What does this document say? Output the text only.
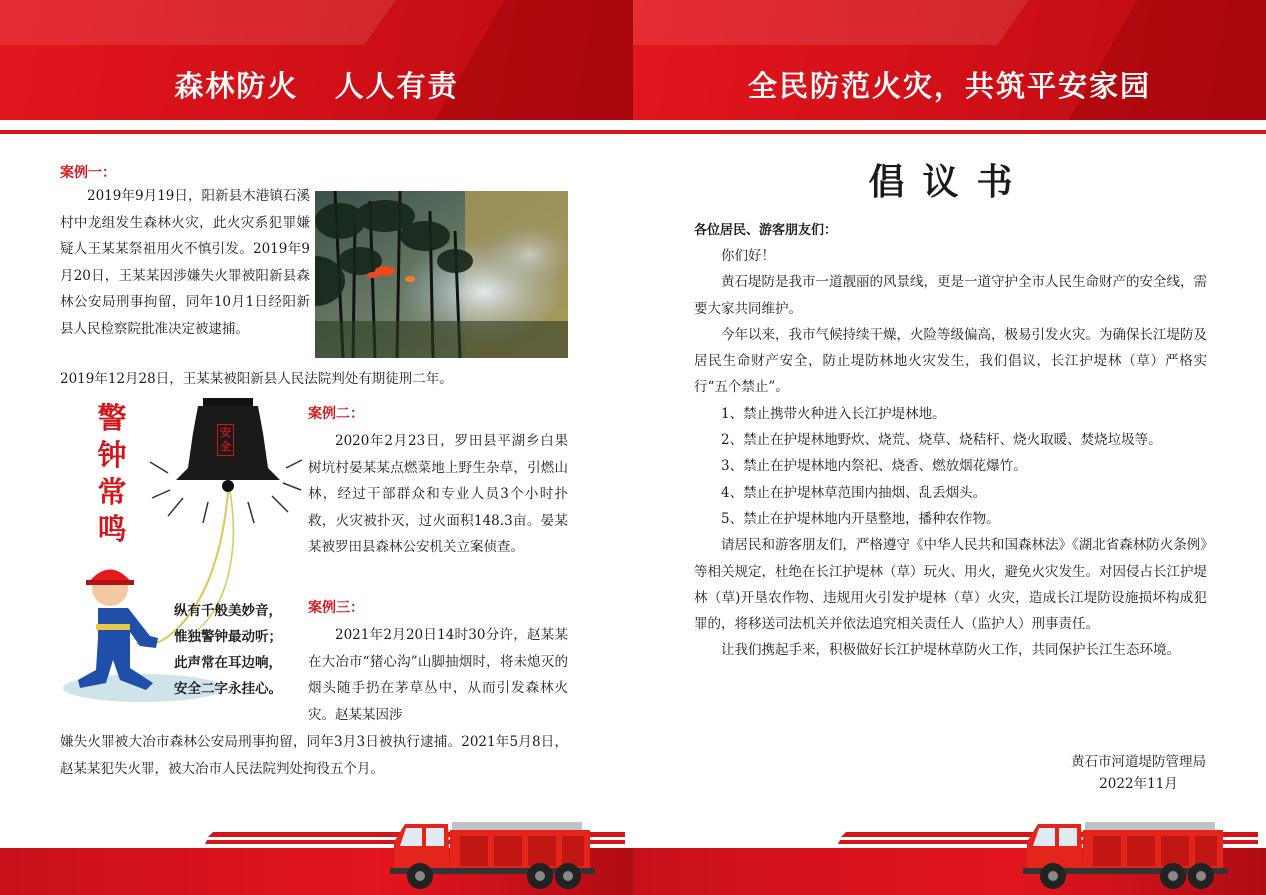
森林防火   人人有责
案例一：
2019年9月19日，阳新县木港镇石溪村中龙组发生森林火灾，此火灾系犯罪嫌疑人王某某祭祖用火不慎引发。2019年9月20日，王某某因涉嫌失火罪被阳新县森林公安局刑事拘留，同年10月1日经阳新县人民检察院批准决定被逮捕。
2019年12月28日，王某某被阳新县人民法院判处有期徒刑二年。
警
钟
常
鸣
安
全
纵有千般美妙音，
惟独警钟最动听；
此声常在耳边响，
安全二字永挂心。
案例二：
2020年2月23日，罗田县平湖乡白果树坑村晏某某点燃菜地上野生杂草，引燃山林，经过干部群众和专业人员3个小时扑救，火灾被扑灭，过火面积148.3亩。晏某某被罗田县森林公安机关立案侦查。
案例三：
2021年2月20日14时30分许，赵某某在大冶市“猪心沟”山脚抽烟时，将未熄灭的烟头随手扔在茅草丛中，从而引发森林火灾。赵某某因涉
嫌失火罪被大冶市森林公安局刑事拘留，同年3月3日被执行逮捕。2021年5月8日，赵某某犯失火罪，被大冶市人民法院判处拘役五个月。
全民防范火灾，共筑平安家园
倡议书
各位居民、游客朋友们：

你们好！

黄石堤防是我市一道靓丽的风景线，更是一道守护全市人民生命财产的安全线，需要大家共同维护。

今年以来，我市气候持续干燥，火险等级偏高，极易引发火灾。为确保长江堤防及居民生命财产安全，防止堤防林地火灾发生，我们倡议，长江护堤林（草）严格实行“五个禁止”。

1、禁止携带火种进入长江护堤林地。

2、禁止在护堤林地野炊、烧荒、烧草、烧秸杆、烧火取暖、焚烧垃圾等。

3、禁止在护堤林地内祭祀、烧香、燃放烟花爆竹。

4、禁止在护堤林草范围内抽烟、乱丢烟头。

5、禁止在护堤林地内开垦整地，播种农作物。

请居民和游客朋友们，严格遵守《中华人民共和国森林法》《湖北省森林防火条例》等相关规定，杜绝在长江护堤林（草）玩火、用火，避免火灾发生。对因侵占长江护堤林（草)开垦农作物、违规用火引发护堤林（草）火灾，造成长江堤防设施损坏构成犯罪的，将移送司法机关并依法追究相关责任人（监护人）刑事责任。

让我们携起手来，积极做好长江护堤林草防火工作，共同保护长江生态环境。

黄石市河道堤防管理局
2022年11月
